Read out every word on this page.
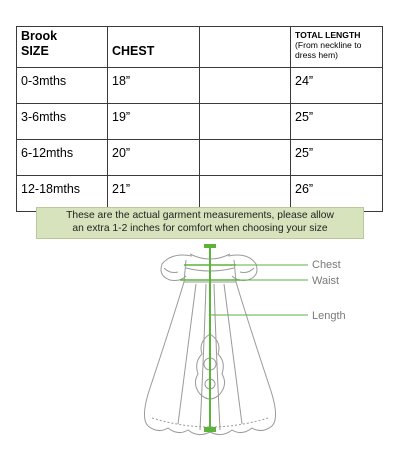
Brook
SIZE	CHEST		TOTAL LENGTH
(From neckline to
dress hem)

0-3mths	18”		24”
3-6mths	19”		25”
6-12mths	20”		25”
12-18mths	21”		26”
These are the actual garment measurements, please allow
an extra 1-2 inches for comfort when choosing your size
Chest
Waist
Length
